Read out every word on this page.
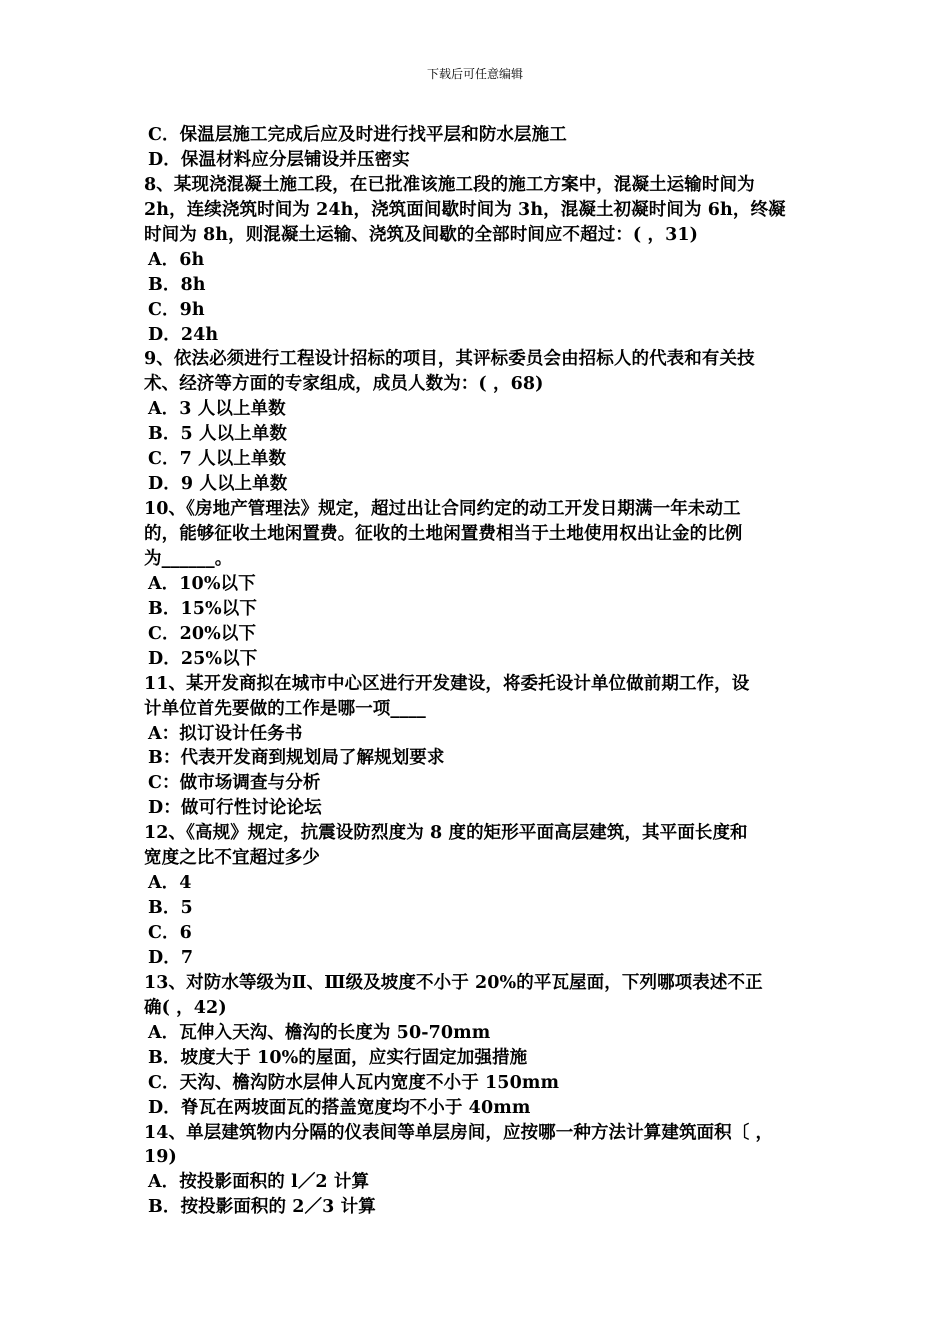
下载后可任意编辑
C．保温层施工完成后应及时进行找平层和防水层施工
D．保温材料应分层铺设并压密实
8、某现浇混凝土施工段，在已批准该施工段的施工方案中，混凝土运输时间为
2h，连续浇筑时间为 24h，浇筑面间歇时间为 3h，混凝土初凝时间为 6h，终凝
时间为 8h，则混凝土运输、浇筑及间歇的全部时间应不超过：( ，31)
A．6h
B．8h
C．9h
D．24h
9、依法必须进行工程设计招标的项目，其评标委员会由招标人的代表和有关技
术、经济等方面的专家组成，成员人数为：( ，68)
A．3 人以上单数
B．5 人以上单数
C．7 人以上单数
D．9 人以上单数
10、《房地产管理法》规定，超过出让合同约定的动工开发日期满一年未动工
的，能够征收土地闲置费。征收的土地闲置费相当于土地使用权出让金的比例
为______。
A．10%以下
B．15%以下
C．20%以下
D．25%以下
11、某开发商拟在城市中心区进行开发建设，将委托设计单位做前期工作，设
计单位首先要做的工作是哪一项____
A：拟订设计任务书
B：代表开发商到规划局了解规划要求
C：做市场调查与分析
D：做可行性讨论论坛
12、《高规》规定，抗震设防烈度为 8 度的矩形平面高层建筑，其平面长度和
宽度之比不宜超过多少
A．4
B．5
C．6
D．7
13、对防水等级为Ⅱ、Ⅲ级及坡度不小于 20%的平瓦屋面，下列哪项表述不正
确( ，42)
A．瓦伸入天沟、檐沟的长度为 50-70mm
B．坡度大于 10%的屋面，应实行固定加强措施
C．天沟、檐沟防水层伸人瓦内宽度不小于 150mm
D．脊瓦在两坡面瓦的搭盖宽度均不小于 40mm
14、单层建筑物内分隔的仪表间等单层房间，应按哪一种方法计算建筑面积〔 ，
19)
A．按投影面积的 l／2 计算
B．按投影面积的 2／3 计算
